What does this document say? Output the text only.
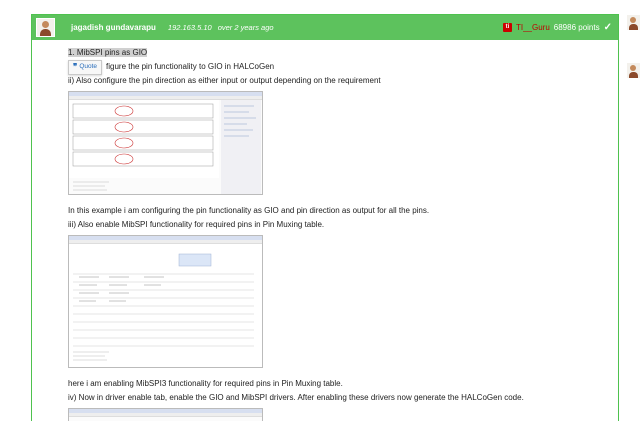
jagadish gundavarapu 192.163.5.10 over 2 years ago	ti TI__Guru 68986 points ✓
1. MibSPI pins as GIO
❞ Quote figure the pin functionality to GIO in HALCoGen
ii) Also configure the pin direction as either input or output depending on the requirement
In this example i am configuring the pin functionality as GIO and pin direction as output for all the pins.
iii) Also enable MibSPI functionality for required pins in Pin Muxing table.
here i am enabling MibSPI3 functionality for required pins in Pin Muxing table.
iv) Now in driver enable tab, enable the GIO and MibSPI drivers. After enabling these drivers now generate the HALCoGen code.
